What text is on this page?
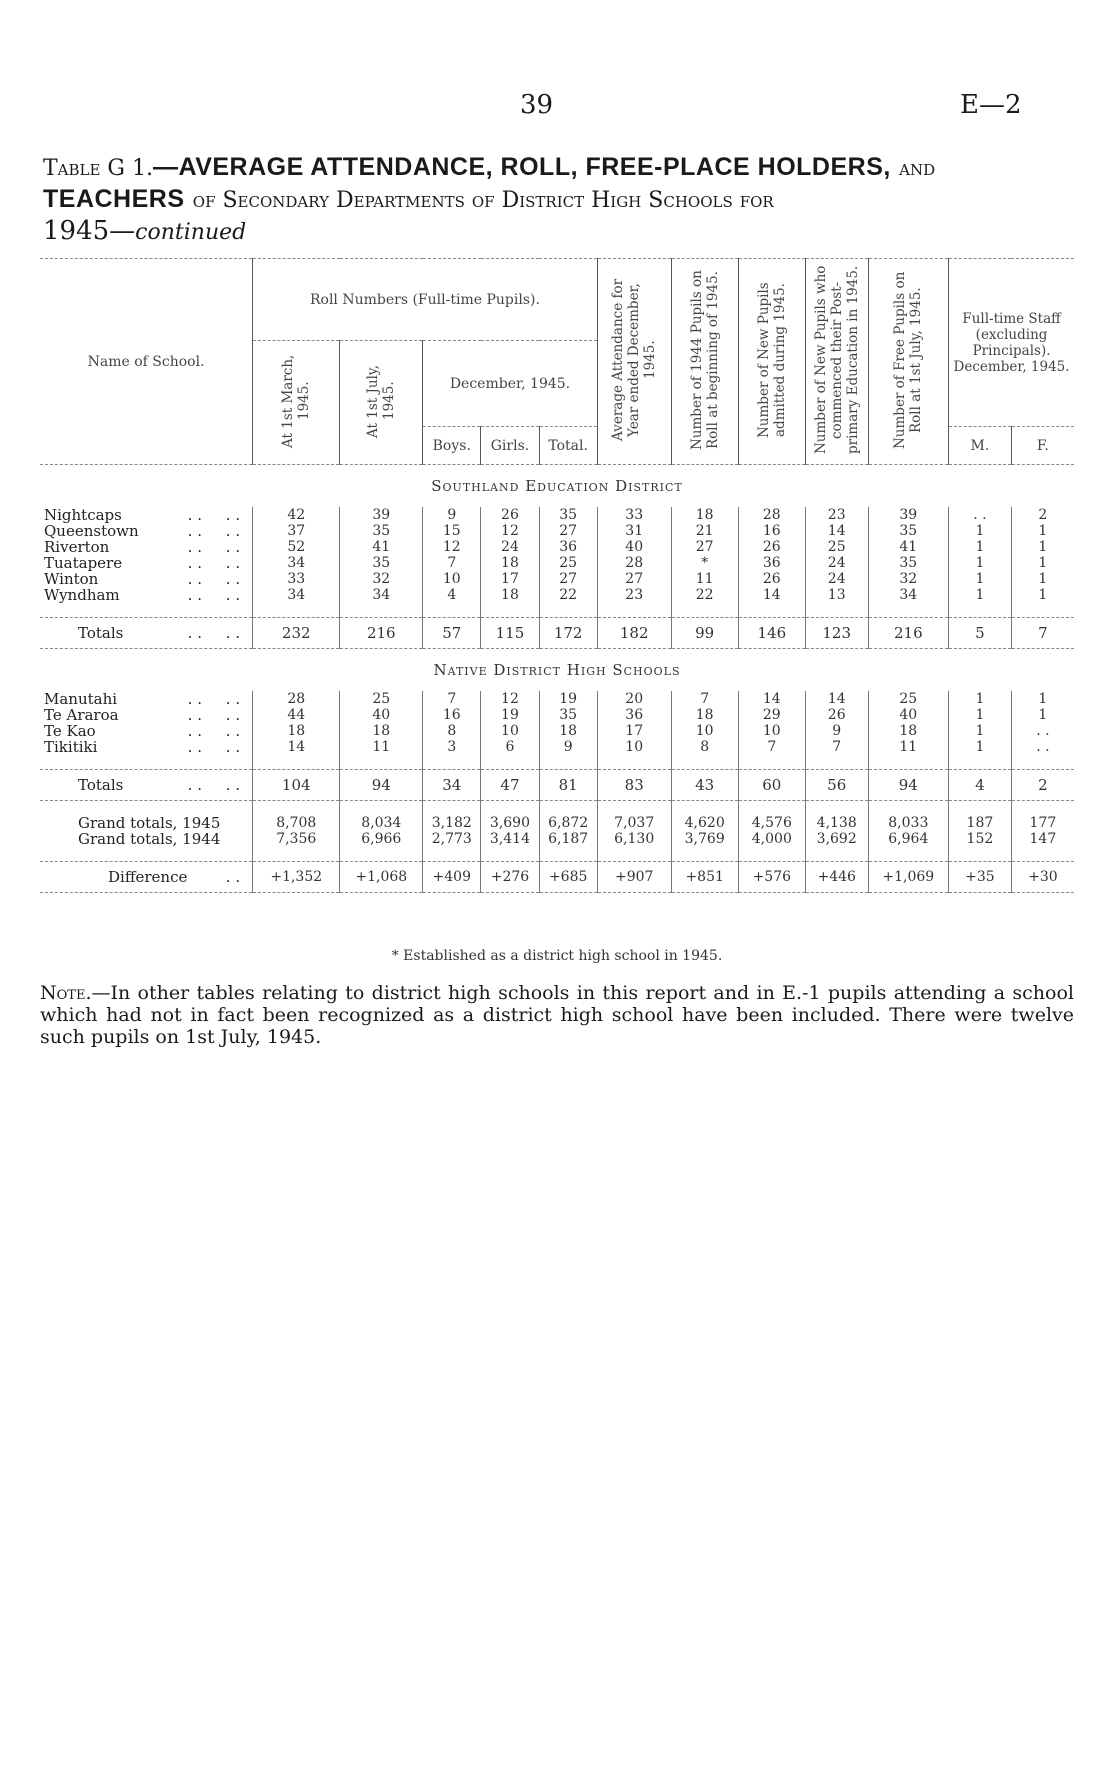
39	E—2
Table G 1.—AVERAGE ATTENDANCE, ROLL, FREE-PLACE HOLDERS, and
TEACHERS of Secondary Departments of District High Schools for
1945—continued
Name of School.	Roll Numbers (Full-time Pupils).					Average Attendance for Year ended December, 1945.	Number of 1944 Pupils on Roll at beginning of 1945.	Number of New Pupils admitted during 1945.	Number of New Pupils who commenced their Post-primary Education in 1945.	Number of Free Pupils on Roll at 1st July, 1945.	Full-time Staff (excluding Principals). December, 1945.	
	At 1st March, 1945.	At 1st July, 1945.	December, 1945.									
			Boys.	Girls.	Total.						M.	F.
Southland Education District												
Nightcaps . .     . .	42	39	9	26	35	33	18	28	23	39	. .	2
Queenstown . .     . .	37	35	15	12	27	31	21	16	14	35	1	1
Riverton . .     . .	52	41	12	24	36	40	27	26	25	41	1	1
Tuatapere . .     . .	34	35	7	18	25	28	*	36	24	35	1	1
Winton . .     . .	33	32	10	17	27	27	11	26	24	32	1	1
Wyndham . .     . .	34	34	4	18	22	23	22	14	13	34	1	1

Totals . .     . .	232	216	57	115	172	182	99	146	123	216	5	7
Native District High Schools												
Manutahi . .     . .	28	25	7	12	19	20	7	14	14	25	1	1
Te Araroa . .     . .	44	40	16	19	35	36	18	29	26	40	1	1
Te Kao . .     . .	18	18	8	10	18	17	10	10	9	18	1	. .
Tikitiki . .     . .	14	11	3	6	9	10	8	7	7	11	1	. .

Totals . .     . .	104	94	34	47	81	83	43	60	56	94	4	2

Grand totals, 1945	8,708	8,034	3,182	3,690	6,872	7,037	4,620	4,576	4,138	8,033	187	177
Grand totals, 1944	7,356	6,966	2,773	3,414	6,187	6,130	3,769	4,000	3,692	6,964	152	147

Difference . .	+1,352	+1,068	+409	+276	+685	+907	+851	+576	+446	+1,069	+35	+30
* Established as a district high school in 1945.
Note.—In other tables relating to district high schools in this report and in E.-1 pupils attending a school which had not in fact been recognized as a district high school have been included. There were twelve such pupils on 1st July, 1945.
